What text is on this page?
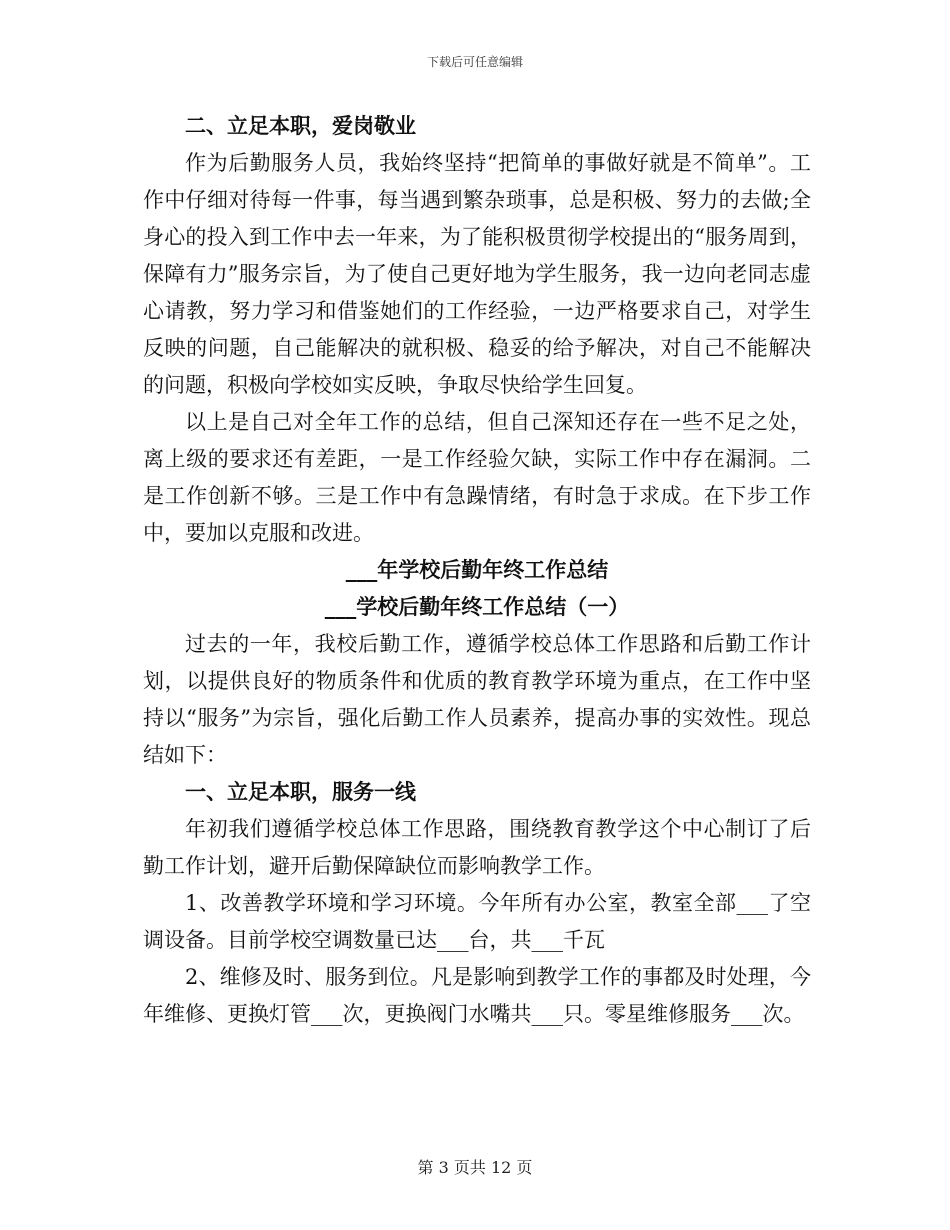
下载后可任意编辑

二、立足本职，爱岗敬业

作为后勤服务人员，我始终坚持“把简单的事做好就是不简单”。工作中仔细对待每一件事，每当遇到繁杂琐事，总是积极、努力的去做;全身心的投入到工作中去一年来，为了能积极贯彻学校提出的“服务周到，保障有力”服务宗旨，为了使自己更好地为学生服务，我一边向老同志虚心请教，努力学习和借鉴她们的工作经验，一边严格要求自己，对学生反映的问题，自己能解决的就积极、稳妥的给予解决，对自己不能解决的问题，积极向学校如实反映，争取尽快给学生回复。

以上是自己对全年工作的总结，但自己深知还存在一些不足之处，离上级的要求还有差距，一是工作经验欠缺，实际工作中存在漏洞。二是工作创新不够。三是工作中有急躁情绪，有时急于求成。在下步工作中，要加以克服和改进。

___年学校后勤年终工作总结

___学校后勤年终工作总结（一）

过去的一年，我校后勤工作，遵循学校总体工作思路和后勤工作计划，以提供良好的物质条件和优质的教育教学环境为重点，在工作中坚持以“服务”为宗旨，强化后勤工作人员素养，提高办事的实效性。现总结如下：

一、立足本职，服务一线

年初我们遵循学校总体工作思路，围绕教育教学这个中心制订了后勤工作计划，避开后勤保障缺位而影响教学工作。

1、改善教学环境和学习环境。今年所有办公室，教室全部___了空调设备。目前学校空调数量已达___台，共___千瓦

2、维修及时、服务到位。凡是影响到教学工作的事都及时处理，今年维修、更换灯管___次，更换阀门水嘴共___只。零星维修服务___次。

第 3 页共 12 页
